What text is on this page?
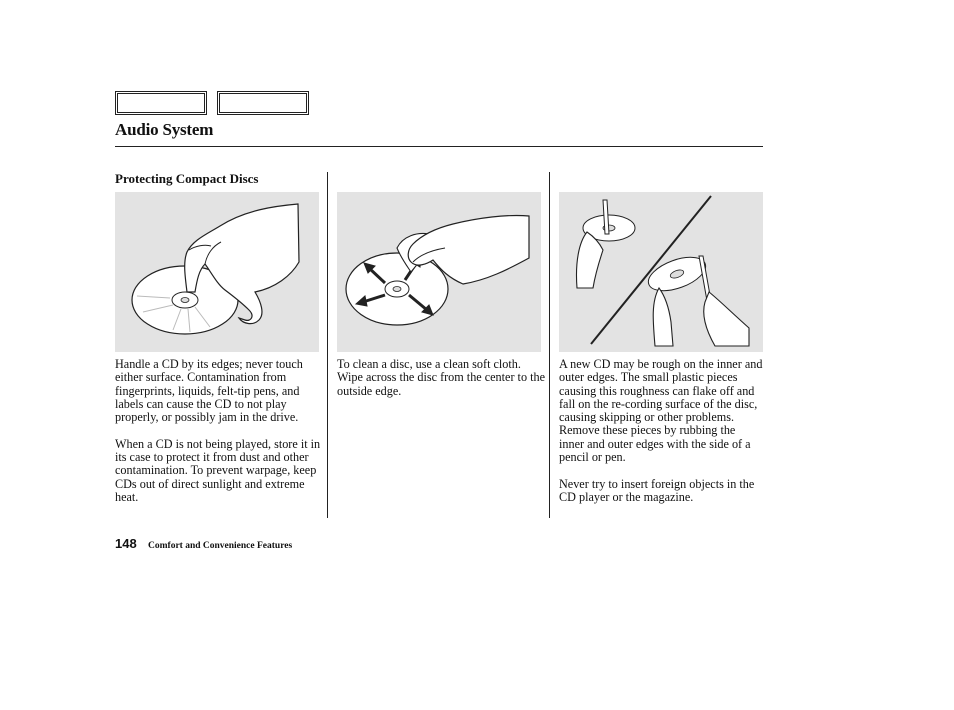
Audio System
Protecting Compact Discs

Handle a CD by its edges; never touch either surface. Contamination from fingerprints, liquids, felt-tip pens, and labels can cause the CD to not play properly, or possibly jam in the drive.

When a CD is not being played, store it in its case to protect it from dust and other contamination. To prevent warpage, keep CDs out of direct sunlight and extreme heat.

To clean a disc, use a clean soft cloth. Wipe across the disc from the center to the outside edge.

A new CD may be rough on the inner and outer edges. The small plastic pieces causing this roughness can flake off and fall on the re-cording surface of the disc, causing skipping or other problems. Remove these pieces by rubbing the inner and outer edges with the side of a pencil or pen.

Never try to insert foreign objects in the CD player or the magazine.

148 Comfort and Convenience Features
